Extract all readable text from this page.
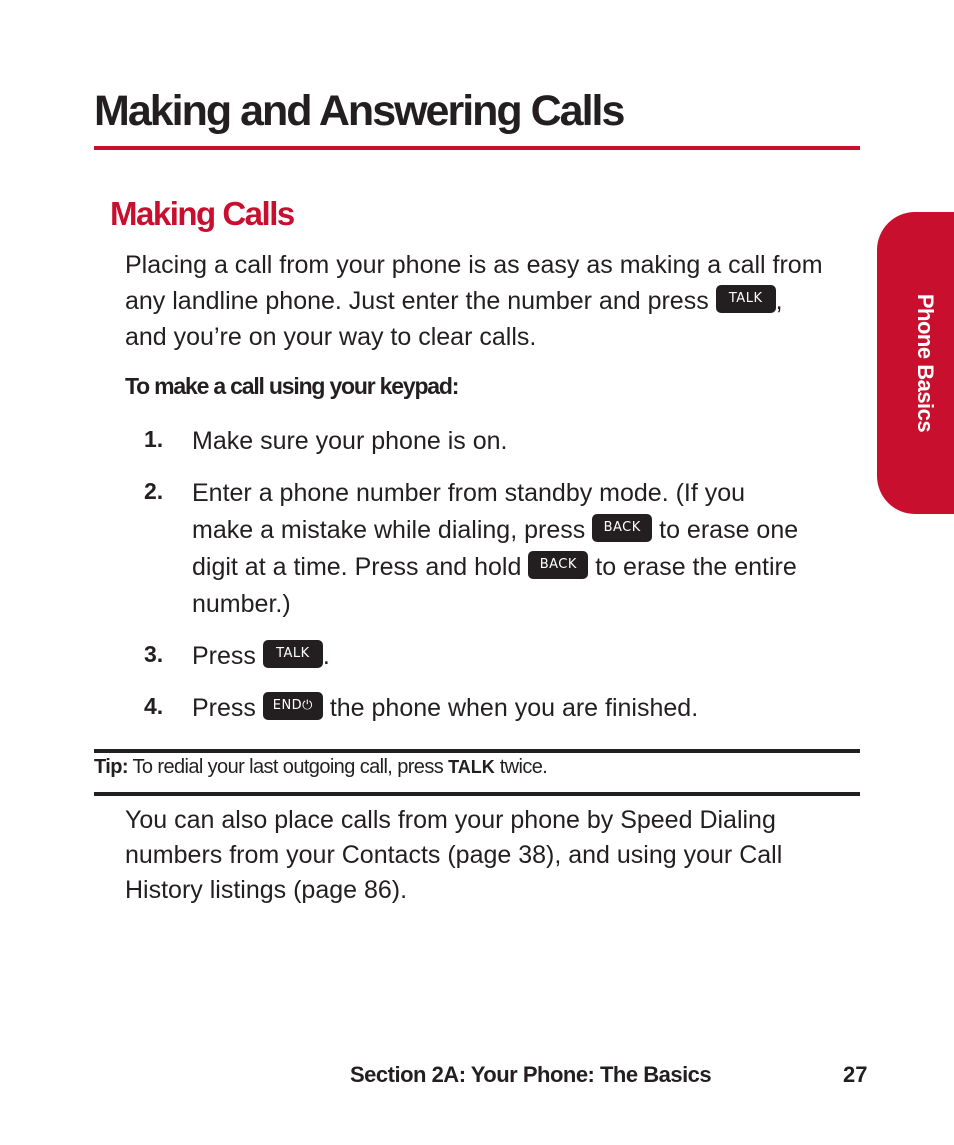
Making and Answering Calls
Making Calls
Phone Basics
Placing a call from your phone is as easy as making a call from
any landline phone. Just enter the number and press TALK ,
and you’re on your way to clear calls.
To make a call using your keypad:
1.	Make sure your phone is on.
2.	Enter a phone number from standby mode. (If you
make a mistake while dialing, press BACK to erase one
digit at a time. Press and hold BACK to erase the entire
number.)
3.	Press TALK .
4.	Press END⏻ the phone when you are finished.
Tip: To redial your last outgoing call, press TALK twice.
You can also place calls from your phone by Speed Dialing
numbers from your Contacts (page 38), and using your Call
History listings (page 86).
Section 2A: Your Phone: The Basics	27
